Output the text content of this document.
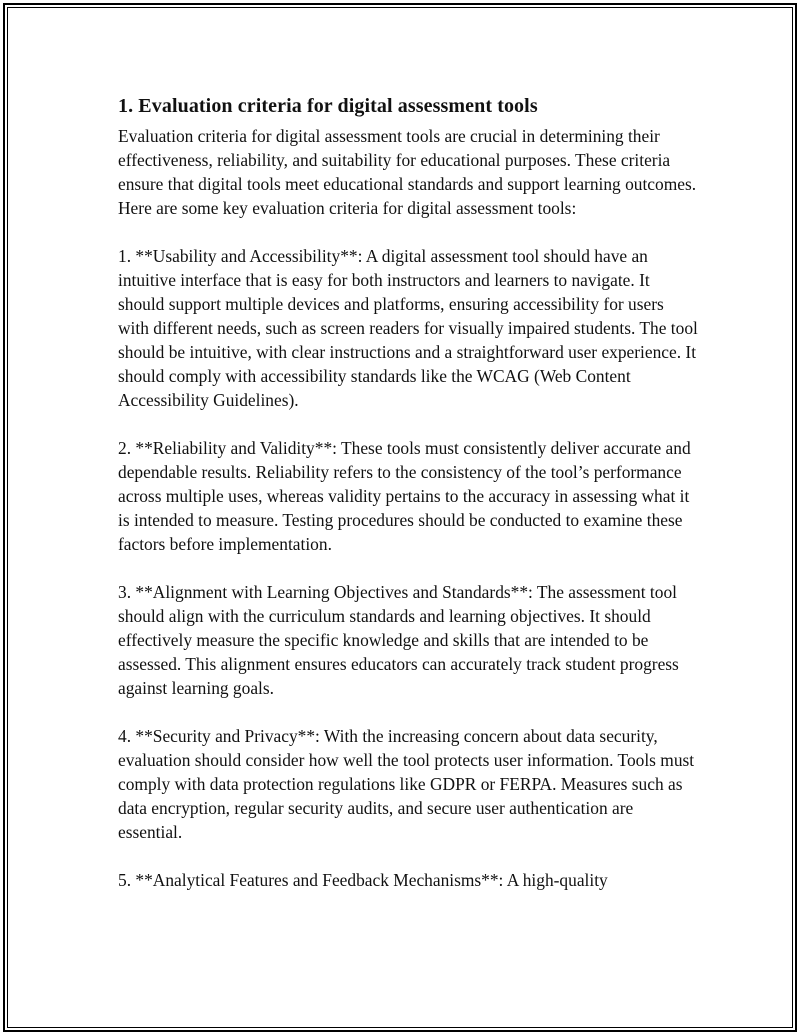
1. Evaluation criteria for digital assessment tools

Evaluation criteria for digital assessment tools are crucial in determining their effectiveness, reliability, and suitability for educational purposes. These criteria ensure that digital tools meet educational standards and support learning outcomes. Here are some key evaluation criteria for digital assessment tools:

1. **Usability and Accessibility**: A digital assessment tool should have an intuitive interface that is easy for both instructors and learners to navigate. It should support multiple devices and platforms, ensuring accessibility for users with different needs, such as screen readers for visually impaired students. The tool should be intuitive, with clear instructions and a straightforward user experience. It should comply with accessibility standards like the WCAG (Web Content Accessibility Guidelines).

2. **Reliability and Validity**: These tools must consistently deliver accurate and dependable results. Reliability refers to the consistency of the tool’s performance across multiple uses, whereas validity pertains to the accuracy in assessing what it is intended to measure. Testing procedures should be conducted to examine these factors before implementation.

3. **Alignment with Learning Objectives and Standards**: The assessment tool should align with the curriculum standards and learning objectives. It should effectively measure the specific knowledge and skills that are intended to be assessed. This alignment ensures educators can accurately track student progress against learning goals.

4. **Security and Privacy**: With the increasing concern about data security, evaluation should consider how well the tool protects user information. Tools must comply with data protection regulations like GDPR or FERPA. Measures such as data encryption, regular security audits, and secure user authentication are essential.

5. **Analytical Features and Feedback Mechanisms**: A high-quality
